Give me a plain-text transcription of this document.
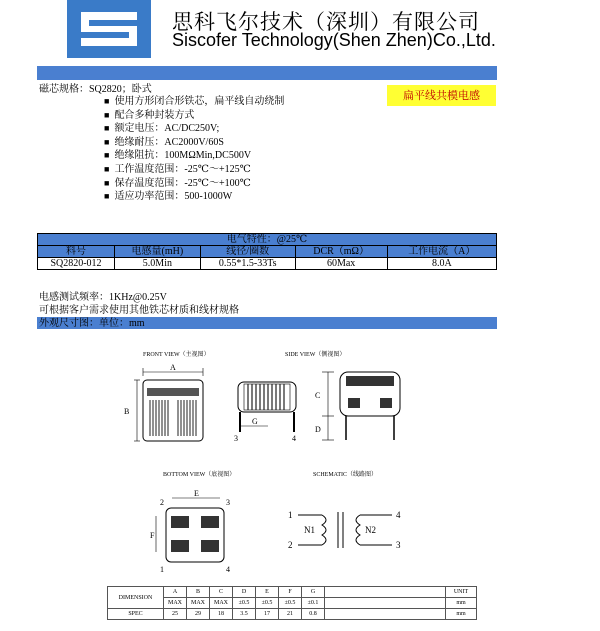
思科飞尔技术（深圳）有限公司
Siscofer Technology(Shen Zhen)Co.,Ltd.
磁芯规格：SQ2820；卧式	扁平线共模电感
■ 使用方形闭合形铁芯，扁平线自动绕制
■ 配合多种封装方式
■ 额定电压：AC/DC250V;
■ 绝缘耐压：AC2000V/60S
■ 绝缘阻抗：100MΩMin,DC500V
■ 工作温度范围：-25℃～+125℃
■ 保存温度范围：-25℃～+100℃
■ 适应功率范围：500-1000W
电气特性：@25℃				
料号	电感量(mH)	线径/圈数	DCR（mΩ）	工作电流（A）
SQ2820-012	5.0Min	0.55*1.5-33Ts	60Max	8.0A
电感测试频率：1KHz@0.25V
可根据客户需求使用其他铁芯材质和线材规格
外观尺寸图：单位：mm
FRONT VIEW（主视图）	SIDE VIEW（侧视图）
BOTTOM VIEW（底视图）	SCHEMATIC（线路图）
A
B
3	4
G
C
D
2	3
E
F
1	4
1
2
4
3
N1	N2
DIMENSION	A	B	C	D	E	F	G		UNIT
	MAX	MAX	MAX	±0.5	±0.5	±0.5	±0.1		mm
SPEC	25	29	18	3.5	17	21	0.8		mm
